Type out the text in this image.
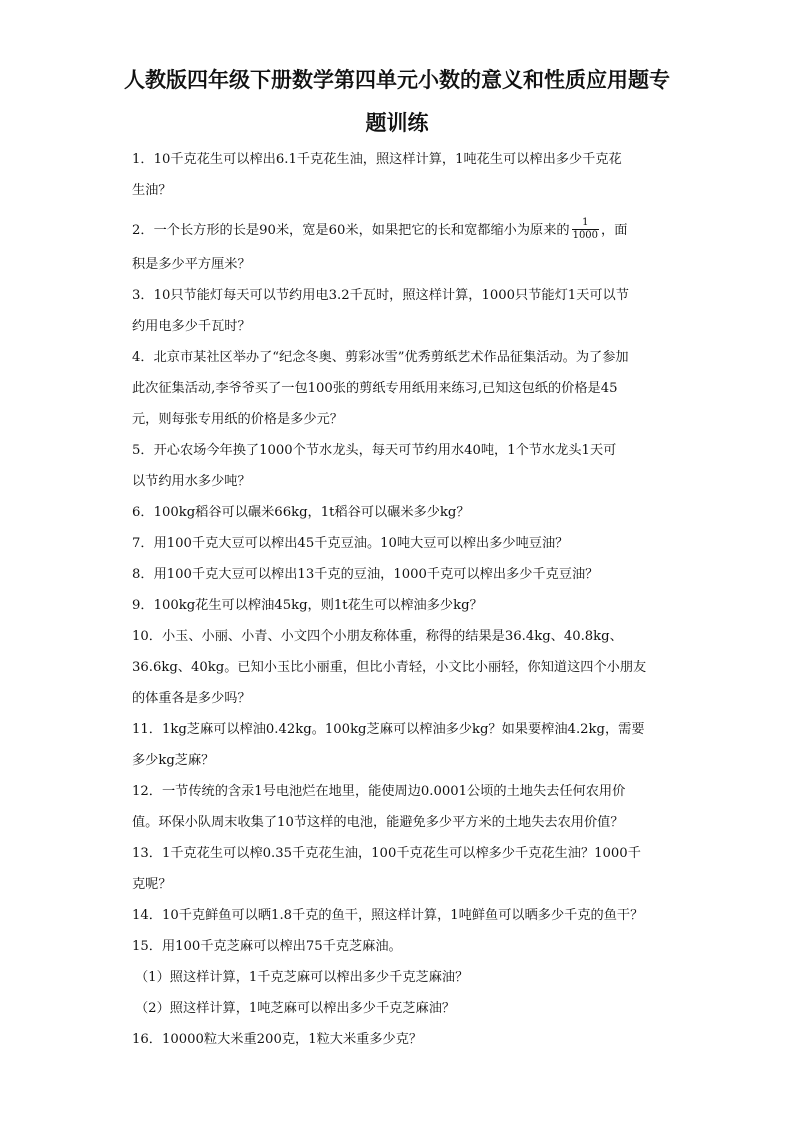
人教版四年级下册数学第四单元小数的意义和性质应用题专
题训练
1．10千克花生可以榨出6.1千克花生油，照这样计算，1吨花生可以榨出多少千克花
生油？
2．一个长方形的长是90米，宽是60米，如果把它的长和宽都缩小为原来的 $\frac{1}{1000}$ ，面
积是多少平方厘米？
3．10只节能灯每天可以节约用电3.2千瓦时，照这样计算，1000只节能灯1天可以节
约用电多少千瓦时？
4．北京市某社区举办了“纪念冬奥、剪彩冰雪”优秀剪纸艺术作品征集活动。为了参加
此次征集活动,李爷爷买了一包100张的剪纸专用纸用来练习,已知这包纸的价格是45
元，则每张专用纸的价格是多少元？
5．开心农场今年换了1000个节水龙头，每天可节约用水40吨，1个节水龙头1天可
以节约用水多少吨？
6．100kg稻谷可以碾米66kg，1t稻谷可以碾米多少kg？
7．用100千克大豆可以榨出45千克豆油。10吨大豆可以榨出多少吨豆油？
8．用100千克大豆可以榨出13千克的豆油，1000千克可以榨出多少千克豆油？
9．100kg花生可以榨油45kg，则1t花生可以榨油多少kg？
10．小玉、小丽、小青、小文四个小朋友称体重，称得的结果是36.4kg、40.8kg、
36.6kg、40kg。已知小玉比小丽重，但比小青轻，小文比小丽轻，你知道这四个小朋友
的体重各是多少吗？
11．1kg芝麻可以榨油0.42kg。100kg芝麻可以榨油多少kg？如果要榨油4.2kg，需要
多少kg芝麻？
12．一节传统的含汞1号电池烂在地里，能使周边0.0001公顷的土地失去任何农用价
值。环保小队周末收集了10节这样的电池，能避免多少平方米的土地失去农用价值？
13．1千克花生可以榨0.35千克花生油，100千克花生可以榨多少千克花生油？1000千
克呢？
14．10千克鲜鱼可以晒1.8千克的鱼干，照这样计算，1吨鲜鱼可以晒多少千克的鱼干？
15．用100千克芝麻可以榨出75千克芝麻油。
（1）照这样计算，1千克芝麻可以榨出多少千克芝麻油？
（2）照这样计算，1吨芝麻可以榨出多少千克芝麻油？
16．10000粒大米重200克，1粒大米重多少克？
